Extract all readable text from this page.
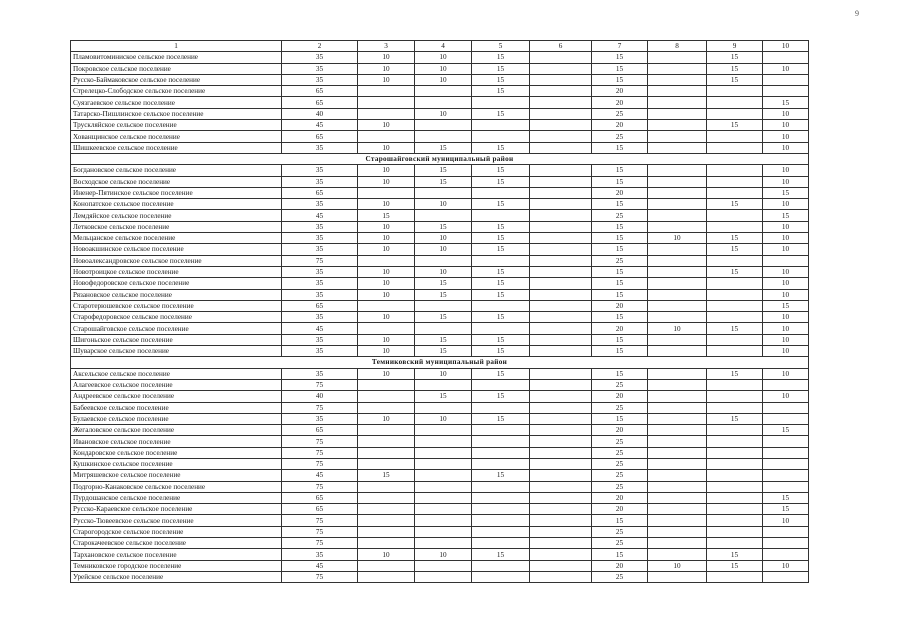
9
1	2	3	4	5	6	7	8	9	10
Пламовитоминиское сельское поселение	35	10	10	15		15		15	
Покровское сельское поселение	35	10	10	15		15		15	10
Русско-Баймаковское сельское поселение	35	10	10	15		15		15	
Стрелецко-Слободское сельское поселение	65			15		20			
Суязгаевское сельское поселение	65					20			15
Татарско-Пишлинское сельское поселение	40		10	15		25			10
Трускляйское сельское поселение	45	10				20		15	10
Хованщинское сельское поселение	65					25			10
Шишкеевское сельское поселение	35	10	15	15		15			10
Старошайговский муниципальный район									
Богдановское сельское поселение	35	10	15	15		15			10
Восходское сельское поселение	35	10	15	15		15			10
Иненер-Пятинское сельское поселение	65					20			15
Конопатское сельское поселение	35	10	10	15		15		15	10
Лемдяйское сельское поселение	45	15				25			15
Летковское сельское поселение	35	10	15	15		15			10
Мельцанское сельское поселение	35	10	10	15		15	10	15	10
Новоакшинское сельское поселение	35	10	10	15		15		15	10
Новоалександровское сельское поселение	75					25			
Новотроицкое сельское поселение	35	10	10	15		15		15	10
Новофедоровское сельское поселение	35	10	15	15		15			10
Рязановское сельское поселение	35	10	15	15		15			10
Старотерюшевское сельское поселение	65					20			15
Старофедоровское сельское поселение	35	10	15	15		15			10
Старошайговское сельское поселение	45					20	10	15	10
Шигоньское сельское поселение	35	10	15	15		15			10
Шуварское сельское поселение	35	10	15	15		15			10
Темниковский муниципальный район									
Аксельское сельское поселение	35	10	10	15		15		15	10
Алагеевское сельское поселение	75					25			
Андреевское сельское поселение	40		15	15		20			10
Бабеевское сельское поселение	75					25			
Булаевское сельское поселение	35	10	10	15		15		15	
Жегаловское сельское поселение	65					20			15
Ивановское сельское поселение	75					25			
Кондаровское сельское поселение	75					25			
Кушкинское сельское поселение	75					25			
Митряшевское сельское поселение	45	15		15		25			
Подгорно-Канаковское сельское поселение	75					25			
Пурдошанское сельское поселение	65					20			15
Русско-Караевское сельское поселение	65					20			15
Русско-Тювеевское сельское поселение	75					15			10
Старогородское сельское поселение	75					25			
Старокачеевское сельское поселение	75					25			
Тархановское сельское поселение	35	10	10	15		15		15	
Темниковское городское поселение	45					20	10	15	10
Урейское сельское поселение	75					25			
